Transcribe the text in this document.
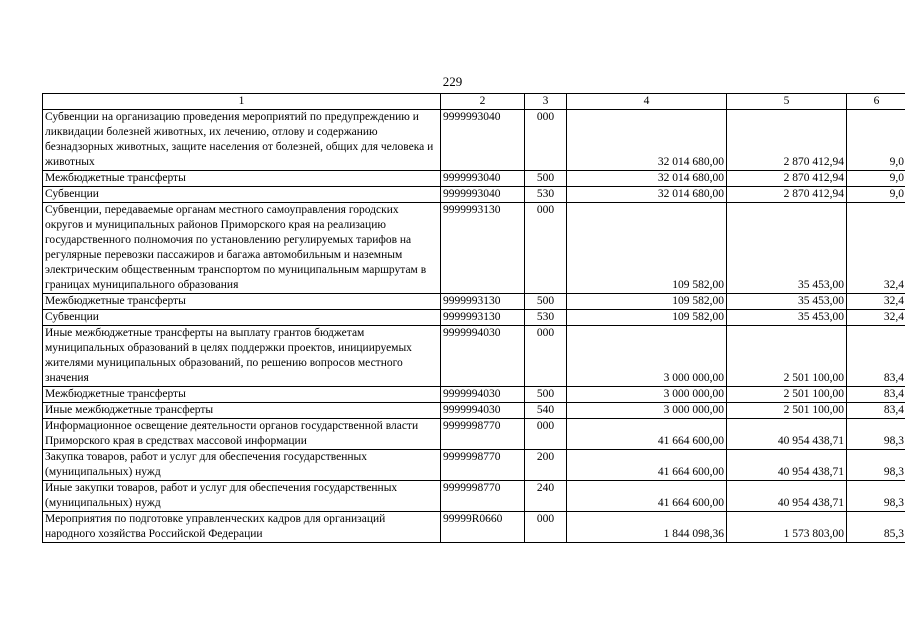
229
1	2	3	4	5	6
Субвенции на организацию проведения мероприятий по предупреждению и ликвидации болезней животных, их лечению, отлову и содержанию безнадзорных животных, защите населения от болезней, общих для человека и животных	9999993040	000	32 014 680,00	2 870 412,94	9,0
Межбюджетные трансферты	9999993040	500	32 014 680,00	2 870 412,94	9,0
Субвенции	9999993040	530	32 014 680,00	2 870 412,94	9,0
Субвенции, передаваемые органам местного самоуправления городских округов и муниципальных районов Приморского края на реализацию государственного полномочия по установлению регулируемых тарифов на регулярные перевозки пассажиров и багажа автомобильным и наземным электрическим общественным транспортом по муниципальным маршрутам в границах муниципального образования	9999993130	000	109 582,00	35 453,00	32,4
Межбюджетные трансферты	9999993130	500	109 582,00	35 453,00	32,4
Субвенции	9999993130	530	109 582,00	35 453,00	32,4
Иные межбюджетные трансферты на выплату грантов бюджетам муниципальных образований в целях поддержки проектов, инициируемых жителями муниципальных образований, по решению вопросов местного значения	9999994030	000	3 000 000,00	2 501 100,00	83,4
Межбюджетные трансферты	9999994030	500	3 000 000,00	2 501 100,00	83,4
Иные межбюджетные трансферты	9999994030	540	3 000 000,00	2 501 100,00	83,4
Информационное освещение деятельности органов государственной власти Приморского края в средствах массовой информации	9999998770	000	41 664 600,00	40 954 438,71	98,3
Закупка товаров, работ и услуг для обеспечения государственных (муниципальных) нужд	9999998770	200	41 664 600,00	40 954 438,71	98,3
Иные закупки товаров, работ и услуг для обеспечения государственных (муниципальных) нужд	9999998770	240	41 664 600,00	40 954 438,71	98,3
Мероприятия по подготовке управленческих кадров для организаций народного хозяйства Российской Федерации	99999R0660	000	1 844 098,36	1 573 803,00	85,3
